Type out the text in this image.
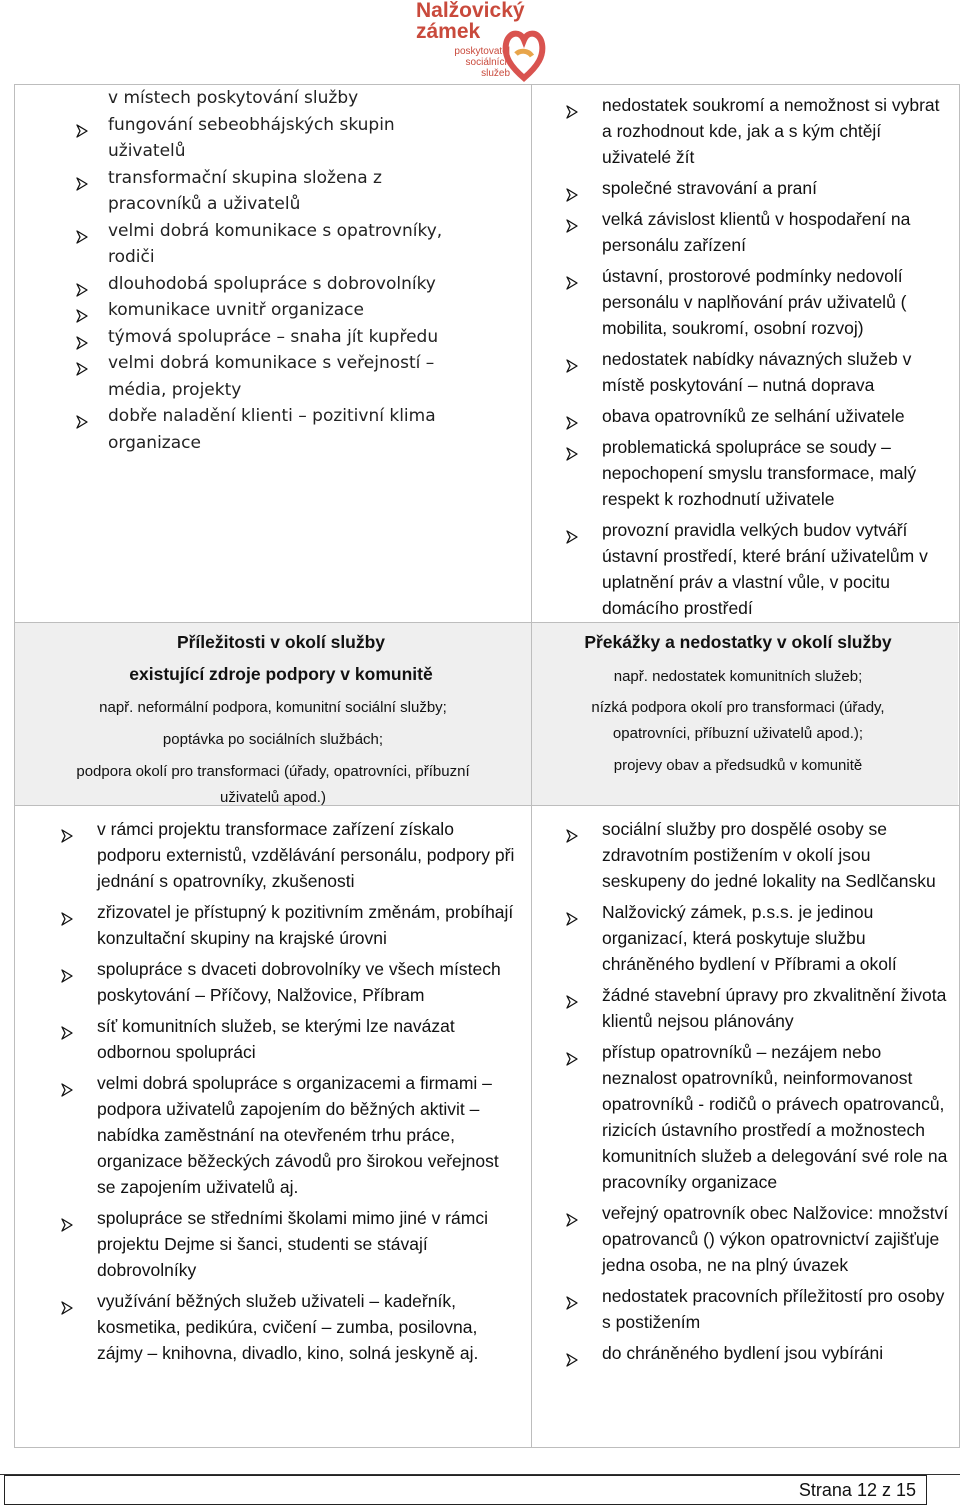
Nalžovický
zámek
poskytovatel
sociálních
služeb
v místech poskytování služby
fungování sebeobhájských skupin uživatelů
transformační skupina složena z pracovníků a uživatelů
velmi dobrá komunikace s opatrovníky, rodiči
dlouhodobá spolupráce s dobrovolníky
komunikace uvnitř organizace
týmová spolupráce – snaha jít kupředu
velmi dobrá komunikace s veřejností – média, projekty
dobře naladění klienti – pozitivní klima organizace
nedostatek soukromí a nemožnost si vybrat a rozhodnout kde, jak a s kým chtějí uživatelé žít
společné stravování a praní
velká závislost klientů v hospodaření na personálu zařízení
ústavní, prostorové podmínky nedovolí personálu v naplňování práv uživatelů ( mobilita, soukromí, osobní rozvoj)
nedostatek nabídky návazných služeb v místě poskytování – nutná doprava
obava opatrovníků ze selhání uživatele
problematická spolupráce se soudy – nepochopení smyslu transformace, malý respekt k rozhodnutí uživatele
provozní pravidla velkých budov vytváří ústavní prostředí, které brání uživatelům v uplatnění práv a vlastní vůle, v pocitu domácího prostředí
Příležitosti v okolí služby
existující zdroje podpory v komunitě
např. neformální podpora, komunitní sociální služby;
poptávka po sociálních službách;
podpora okolí pro transformaci (úřady, opatrovníci, příbuzní
uživatelů apod.)
Překážky a nedostatky v okolí služby
např. nedostatek komunitních služeb;
nízká podpora okolí pro transformaci (úřady,
opatrovníci, příbuzní uživatelů apod.);
projevy obav a předsudků v komunitě
v rámci projektu transformace zařízení získalo podporu externistů, vzdělávání personálu, podpory při jednání s opatrovníky, zkušenosti
zřizovatel je přístupný k pozitivním změnám, probíhají konzultační skupiny na krajské úrovni
spolupráce s dvaceti dobrovolníky ve všech místech poskytování – Příčovy, Nalžovice, Příbram
síť komunitních služeb, se kterými lze navázat odbornou spolupráci
velmi dobrá spolupráce s organizacemi a firmami – podpora uživatelů zapojením do běžných aktivit – nabídka zaměstnání na otevřeném trhu práce, organizace běžeckých závodů pro širokou veřejnost se zapojením uživatelů aj.
spolupráce se středními školami mimo jiné v rámci projektu Dejme si šanci, studenti se stávají dobrovolníky
využívání běžných služeb uživateli – kadeřník, kosmetika, pedikúra, cvičení – zumba, posilovna, zájmy – knihovna, divadlo, kino, solná jeskyně aj.
sociální služby pro dospělé osoby se zdravotním postižením v okolí jsou seskupeny do jedné lokality na Sedlčansku
Nalžovický zámek, p.s.s. je jedinou organizací, která poskytuje službu chráněného bydlení v Příbrami a okolí
žádné stavební úpravy pro zkvalitnění života klientů nejsou plánovány
přístup opatrovníků – nezájem nebo neznalost opatrovníků, neinformovanost opatrovníků - rodičů o právech opatrovanců, rizicích ústavního prostředí a možnostech komunitních služeb a delegování své role na pracovníky organizace
veřejný opatrovník obec Nalžovice: množství opatrovanců () výkon opatrovnictví zajišťuje jedna osoba, ne na plný úvazek
nedostatek pracovních příležitostí pro osoby s postižením
do chráněného bydlení jsou vybíráni
Strana 12 z 15
